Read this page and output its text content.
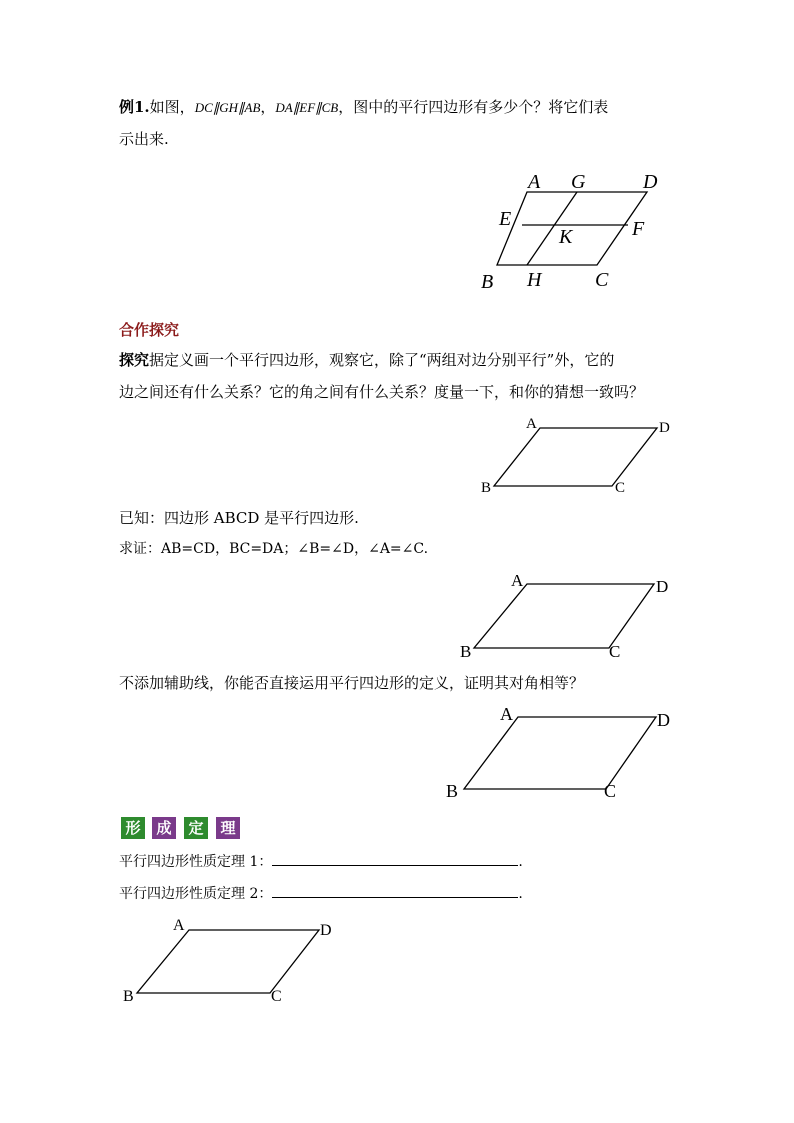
例1.如图，DC∥GH∥AB，DA∥EF∥CB，图中的平行四边形有多少个？将它们表
示出来.
A G	D
E	F
K
B H	C
合作探究
探究据定义画一个平行四边形，观察它，除了“两组对边分别平行”外，它的
边之间还有什么关系？它的角之间有什么关系？度量一下，和你的猜想一致吗？
A	D
B	C
已知：四边形 ABCD 是平行四边形.
求证：AB=CD，BC=DA；∠B=∠D，∠A=∠C.
A	D
B	C
不添加辅助线，你能否直接运用平行四边形的定义，证明其对角相等？
A	D
B	C
形	成	定	理
平行四边形性质定理 1：	.
平行四边形性质定理 2：	.
A	D
B	C
